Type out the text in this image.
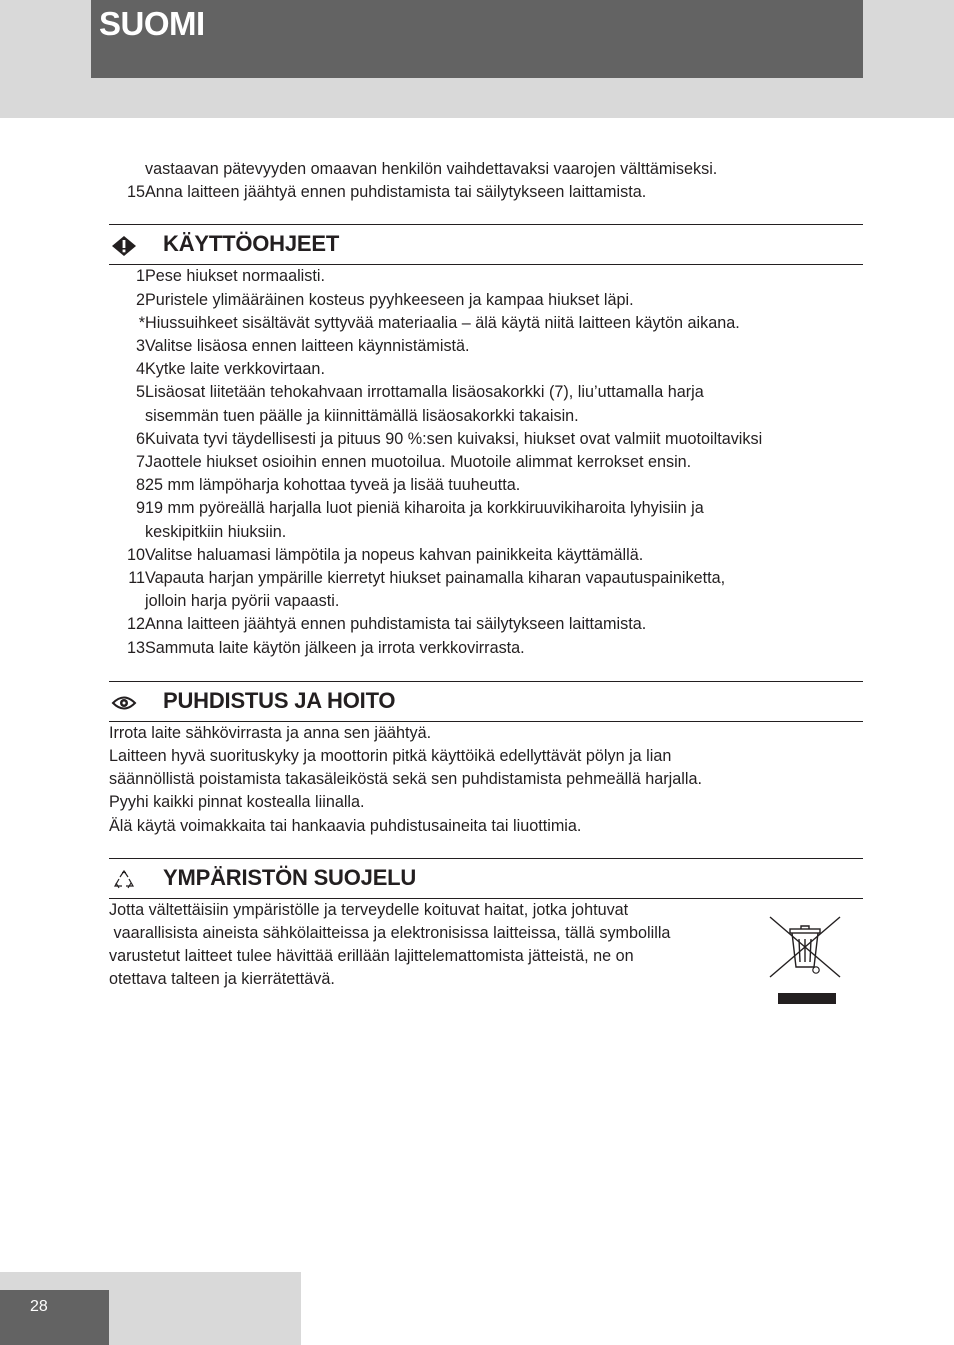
SUOMI
vastaavan pätevyyden omaavan henkilön vaihdettavaksi vaarojen välttämiseksi.
15 Anna laitteen jäähtyä ennen puhdistamista tai säilytykseen laittamista.
KÄYTTÖOHJEET
1 Pese hiukset normaalisti.
2 Puristele ylimääräinen kosteus pyyhkeeseen ja kampaa hiukset läpi.
* Hiussuihkeet sisältävät syttyvää materiaalia – älä käytä niitä laitteen käytön aikana.
3 Valitse lisäosa ennen laitteen käynnistämistä.
4 Kytke laite verkkovirtaan.
5 Lisäosat liitetään tehokahvaan irrottamalla lisäosakorkki (7), liu’uttamalla harja
sisemmän tuen päälle ja kiinnittämällä lisäosakorkki takaisin.
6 Kuivata tyvi täydellisesti ja pituus 90 %:sen kuivaksi, hiukset ovat valmiit muotoiltaviksi
7 Jaottele hiukset osioihin ennen muotoilua. Muotoile alimmat kerrokset ensin.
8 25 mm lämpöharja kohottaa tyveä ja lisää tuuheutta.
9 19 mm pyöreällä harjalla luot pieniä kiharoita ja korkkiruuvikiharoita lyhyisiin ja
keskipitkiin hiuksiin.
10 Valitse haluamasi lämpötila ja nopeus kahvan painikkeita käyttämällä.
11 Vapauta harjan ympärille kierretyt hiukset painamalla kiharan vapautuspainiketta,
jolloin harja pyörii vapaasti.
12 Anna laitteen jäähtyä ennen puhdistamista tai säilytykseen laittamista.
13 Sammuta laite käytön jälkeen ja irrota verkkovirrasta.
PUHDISTUS JA HOITO
Irrota laite sähkövirrasta ja anna sen jäähtyä.
Laitteen hyvä suorituskyky ja moottorin pitkä käyttöikä edellyttävät pölyn ja lian
säännöllistä poistamista takasäleiköstä sekä sen puhdistamista pehmeällä harjalla.
Pyyhi kaikki pinnat kostealla liinalla.
Älä käytä voimakkaita tai hankaavia puhdistusaineita tai liuottimia.
YMPÄRISTÖN SUOJELU
Jotta vältettäisiin ympäristölle ja terveydelle koituvat haitat, jotka johtuvat
vaarallisista aineista sähkölaitteissa ja elektronisissa laitteissa, tällä symbolilla
varustetut laitteet tulee hävittää erillään lajittelemattomista jätteistä, ne on
otettava talteen ja kierrätettävä.
28
